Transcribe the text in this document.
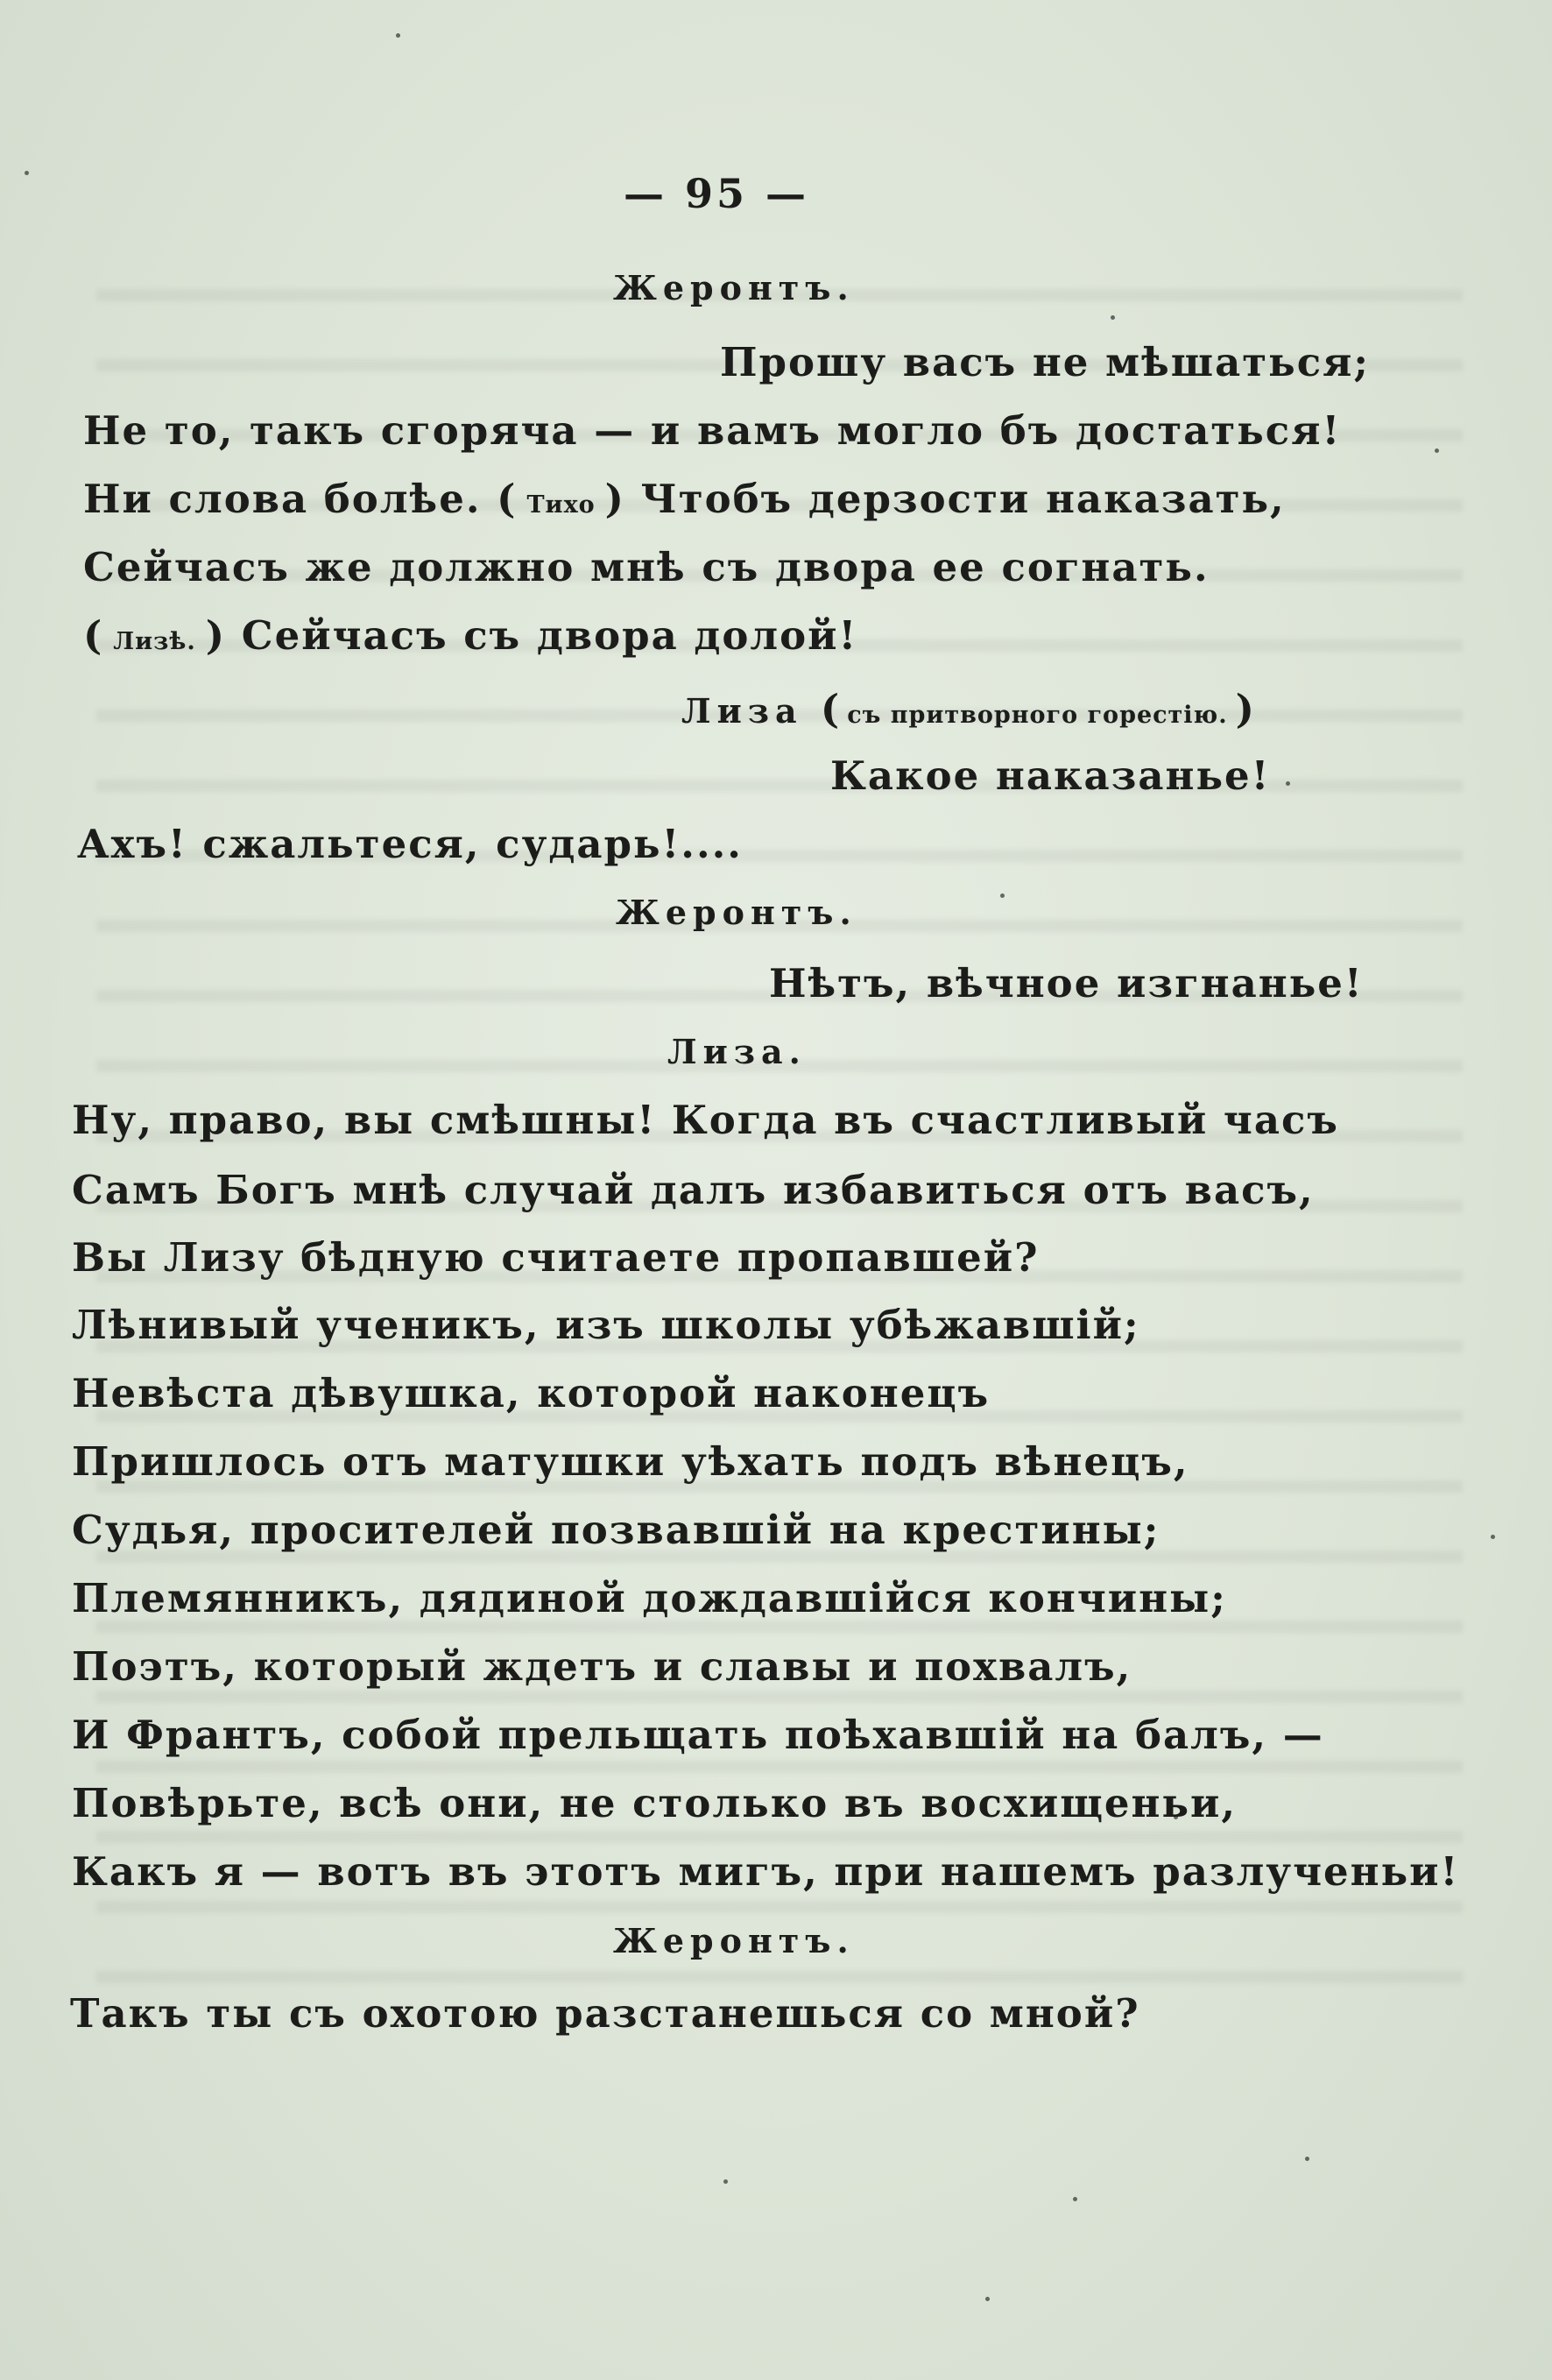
— 95 —
Жеронтъ.
Прошу васъ не мѣшаться;
Не то, такъ сгоряча — и вамъ могло бъ достаться!
Ни слова болѣе. ( Тихо ) Чтобъ дерзости наказать,
Сейчасъ же должно мнѣ съ двора ее согнать.
( Лизѣ. ) Сейчасъ съ двора долой!
Лиза ( съ притворного горестію. )
Какое наказанье!
Ахъ! сжальтеся, сударь!....
Жеронтъ.
Нѣтъ, вѣчное изгнанье!
Лиза.
Ну, право, вы смѣшны! Когда въ счастливый часъ
Самъ Богъ мнѣ случай далъ избавиться отъ васъ,
Вы Лизу бѣдную считаете пропавшей?
Лѣнивый ученикъ, изъ школы убѣжавшій;
Невѣста дѣвушка, которой наконецъ
Пришлось отъ матушки уѣхать подъ вѣнецъ,
Судья, просителей позвавшій на крестины;
Племянникъ, дядиной дождавшійся кончины;
Поэтъ, который ждетъ и славы и похвалъ,
И Франтъ, собой прельщать поѣхавшій на балъ, —
Повѣрьте, всѣ они, не столько въ восхищеньи,
Какъ я — вотъ въ этотъ мигъ, при нашемъ разлученьи!
Жеронтъ.
Такъ ты съ охотою разстанешься со мной?
